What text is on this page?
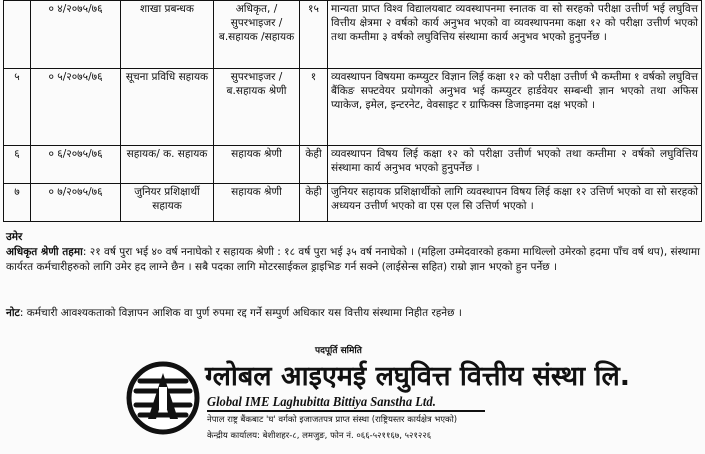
	० ४/२०७५/७६	शाखा प्रबन्धक	अधिकृत, /सुपरभाइजर /ब.सहायक /सहायक	१५	मान्यता प्राप्त विश्व विद्यालयबाट व्यवस्थापनमा स्नातक वा सो सरहको परीक्षा उत्तीर्ण भई लघुवित्त वित्तीय क्षेत्रमा २ वर्षको कार्य अनुभव भएको वा व्यवस्थापनमा कक्षा १२ को परीक्षा उत्तीर्ण भएको तथा कम्तीमा ३ वर्षको लघुवित्तिय संस्थामा कार्य अनुभव भएको हुनुपर्नेछ ।
५	० ५/२०७५/७६	सूचना प्रविधि सहायक	सुपरभाइजर /ब.सहायक श्रेणी	१	व्यवस्थापन विषयमा कम्प्युटर विज्ञान लिई कक्षा १२ को परीक्षा उत्तीर्ण भै कम्तीमा १ वर्षको लघुवित्त बैंकिङ सफ्टवेयर प्रयोगको अनुभव भई कम्प्युटर हार्डवेयर सम्बन्धी ज्ञान भएको तथा अफिस प्याकेज, इमेल, इन्टरनेट, वेवसाइट र ग्राफिक्स डिजाइनमा दक्ष भएको ।
६	० ६/२०७५/७६	सहायक/ क. सहायक	सहायक श्रेणी	केही	व्यवस्थापन विषय लिई कक्षा १२ को परीक्षा उत्तीर्ण भएको तथा कम्तीमा २ वर्षको लघुवित्तिय संस्थामा कार्य अनुभव भएको हुनुपर्नेछ ।
७	० ७/२०७५/७६	जुनियर प्रशिक्षार्थी सहायक	सहायक श्रेणी	केही	जुनियर सहायक प्रशिक्षार्थीको लागि व्यवस्थापन विषय लिई कक्षा १२ उत्तिर्ण भएको वा सो सरहको अध्ययन उत्तीर्ण भएको वा एस एल सि उत्तिर्ण भएको ।
उमेर
अधिकृत श्रेणी तहमा: २१ वर्ष पुरा भई ४० वर्ष ननाघेको र सहायक श्रेणी : १८ वर्ष पुरा भई ३५ वर्ष ननाघेको । (महिला उम्मेदवारको हकमा माथिल्लो उमेरको हदमा पाँच वर्ष थप), संस्थामा कार्यरत कर्मचारीहरुको लागि उमेर हद लाग्ने छैन । सबै पदका लागि मोटरसाईकल ड्राइभिङ गर्न सक्ने (लाईसेन्स सहित) राम्रो ज्ञान भएको हुन पर्नेछ ।
नोट: कर्मचारी आवश्यकताको विज्ञापन आशिक वा पुर्ण रुपमा रद्द गर्ने सम्पुर्ण अधिकार यस वित्तीय संस्थामा निहीत रहनेछ ।
पदपूर्ति समिति
ग्लोबल आइएमई लघुवित्त वित्तीय संस्था लि.
Global IME Laghubitta Bittiya Sanstha Ltd.
नेपाल राष्ट्र बैंकबाट 'घ' वर्गको इजाजतपत्र प्राप्त संस्था (राष्ट्रियस्तर कार्यक्षेत्र भएको)
केन्द्रीय कार्यालय: बेशीशहर-८, लमजुङ, फोन नं. ०६६-५२११६७, ५२१२२६
